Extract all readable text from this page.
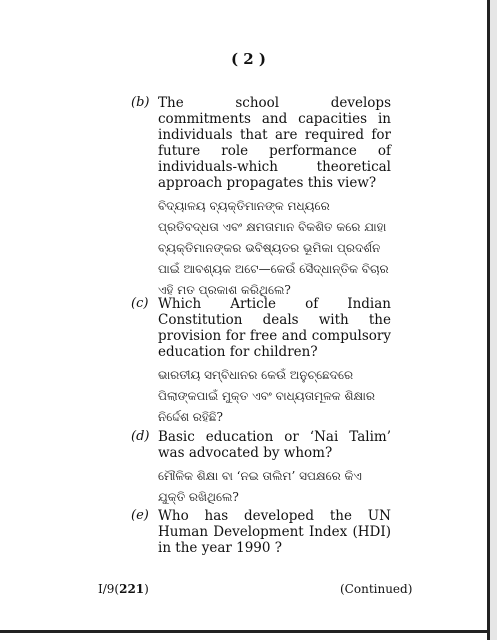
( 2 )
(b) The school develops commitments and capacities in individuals that are required for future role performance of individuals-which theoretical approach propagates this view?
ବିଦ୍ୟାଳୟ ବ୍ୟକ୍ତିମାନଙ୍କ ମଧ୍ୟରେ ପ୍ରତିବଦ୍ଧତା ଏବଂ କ୍ଷମତାମାନ ବିକଶିତ କରେ ଯାହା ବ୍ୟକ୍ତିମାନଙ୍କର ଭବିଷ୍ୟତର ଭୂମିକା ପ୍ରଦର୍ଶନ ପାଇଁ ଆବଶ୍ୟକ ଅଟେ—କେଉଁ ସୈଦ୍ଧାନ୍ତିକ ବିଚାର ଏହି ମତ ପ୍ରକାଶ କରିଥିଲେ?
(c) Which Article of Indian Constitution deals with the provision for free and compulsory education for children?
ଭାରତୀୟ ସମ୍ବିଧାନର କେଉଁ ଅନୁଚ୍ଛେଦରେ ପିଲାଙ୍କପାଇଁ ମୁକ୍ତ ଏବଂ ବାଧ୍ୟତାମୂଳକ ଶିକ୍ଷାର ନିର୍ଦ୍ଦେଶ ରହିଛି?
(d) Basic education or ‘Nai Talim’ was advocated by whom?
ମୌଳିକ ଶିକ୍ଷା ବା ‘ନଇ ତାଲିମ’ ସପକ୍ଷରେ କିଏ ଯୁକ୍ତି ରଖିଥିଲେ?
(e) Who has developed the UN Human Development Index (HDI) in the year 1990 ?
I/9(221)	(Continued)
